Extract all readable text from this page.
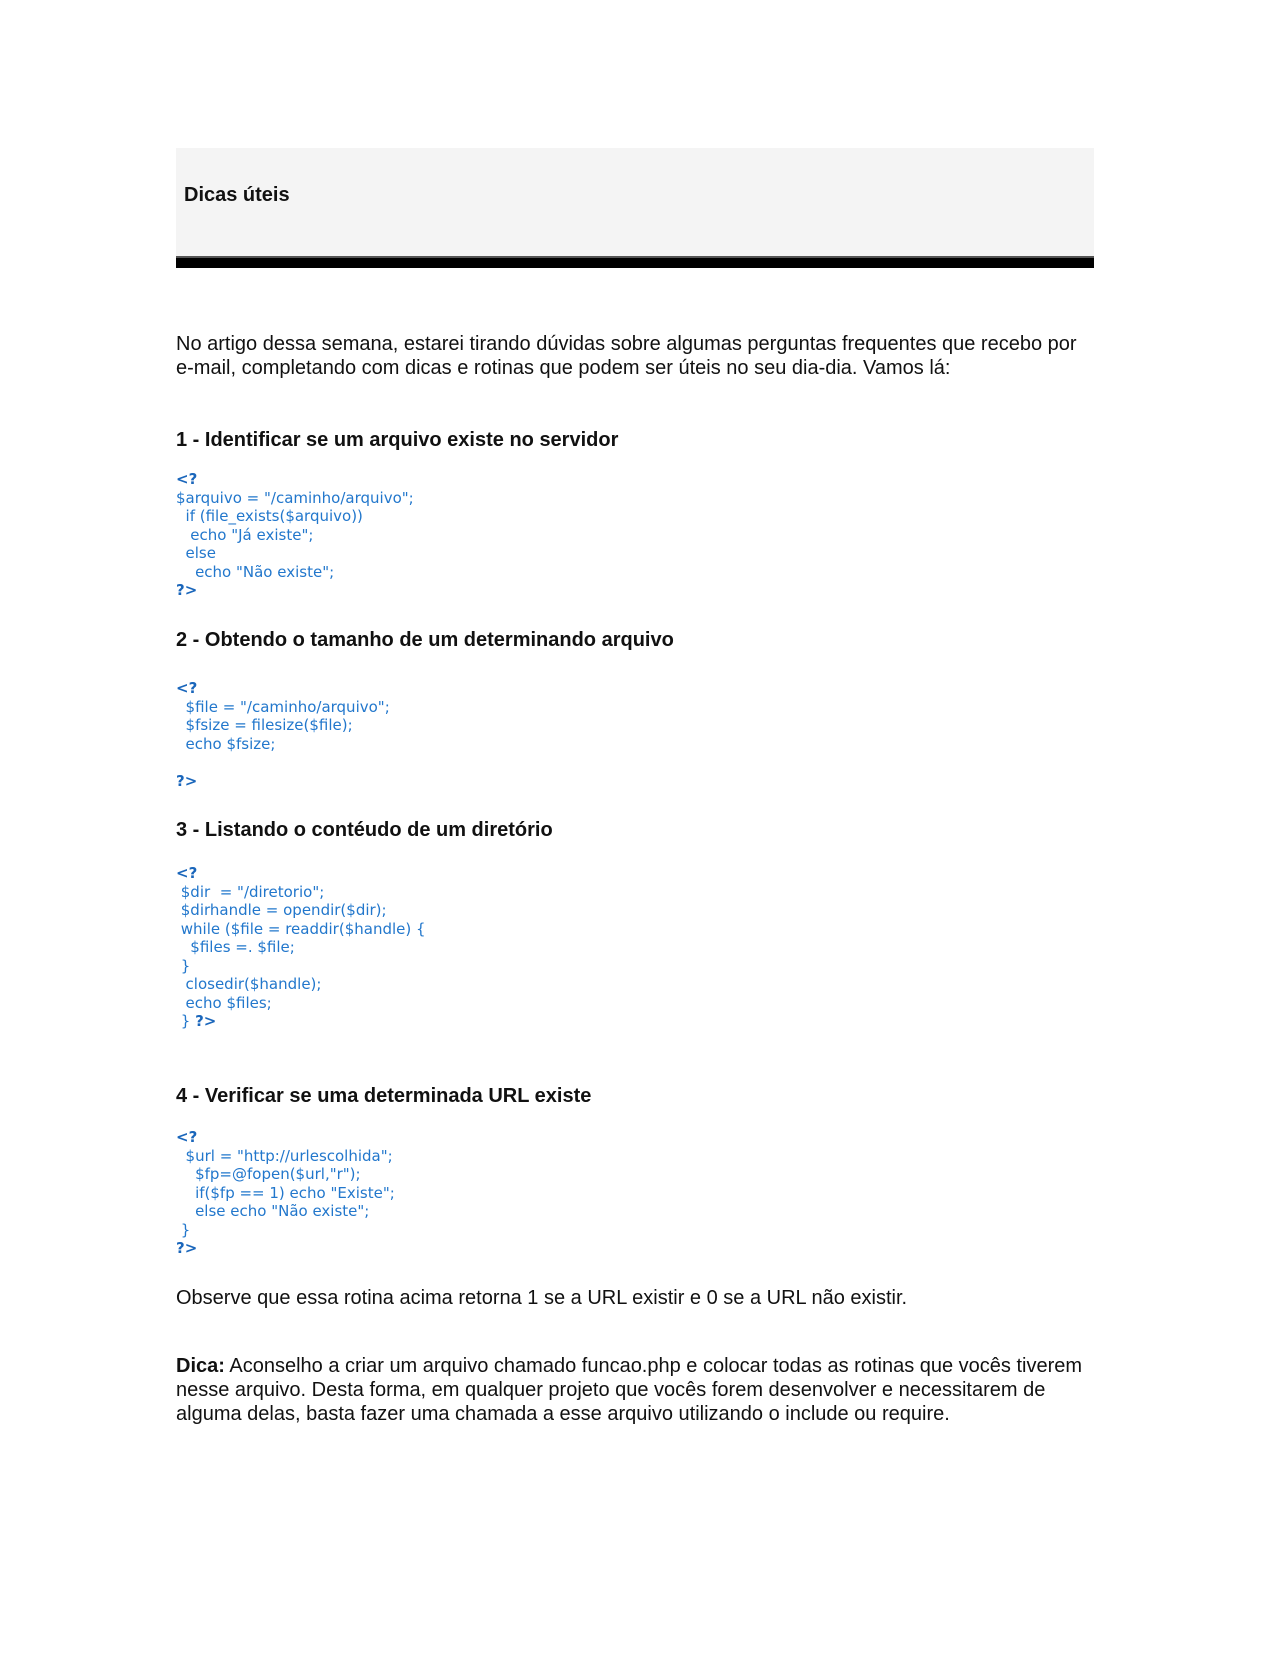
Dicas úteis

No artigo dessa semana, estarei tirando dúvidas sobre algumas perguntas frequentes que recebo por e-mail, completando com dicas e rotinas que podem ser úteis no seu dia-dia. Vamos lá:

1 - Identificar se um arquivo existe no servidor
<?
$arquivo = "/caminho/arquivo";
if (file_exists($arquivo))
echo "Já existe";
else
echo "Não existe";
?>
2 - Obtendo o tamanho de um determinando arquivo
<?
$file = "/caminho/arquivo";
$fsize = filesize($file);
echo $fsize;

?>
3 - Listando o contéudo de um diretório
<?
$dir  = "/diretorio";
$dirhandle = opendir($dir);
while ($file = readdir($handle) {
$files =. $file;
}
closedir($handle);
echo $files;
} ?>
4 - Verificar se uma determinada URL existe
<?
$url = "http://urlescolhida";
$fp=@fopen($url,"r");
if($fp == 1) echo "Existe";
else echo "Não existe";
}
?>

Observe que essa rotina acima retorna 1 se a URL existir e 0 se a URL não existir.

Dica: Aconselho a criar um arquivo chamado funcao.php e colocar todas as rotinas que vocês tiverem nesse arquivo. Desta forma, em qualquer projeto que vocês forem desenvolver e necessitarem de alguma delas, basta fazer uma chamada a esse arquivo utilizando o include ou require.
